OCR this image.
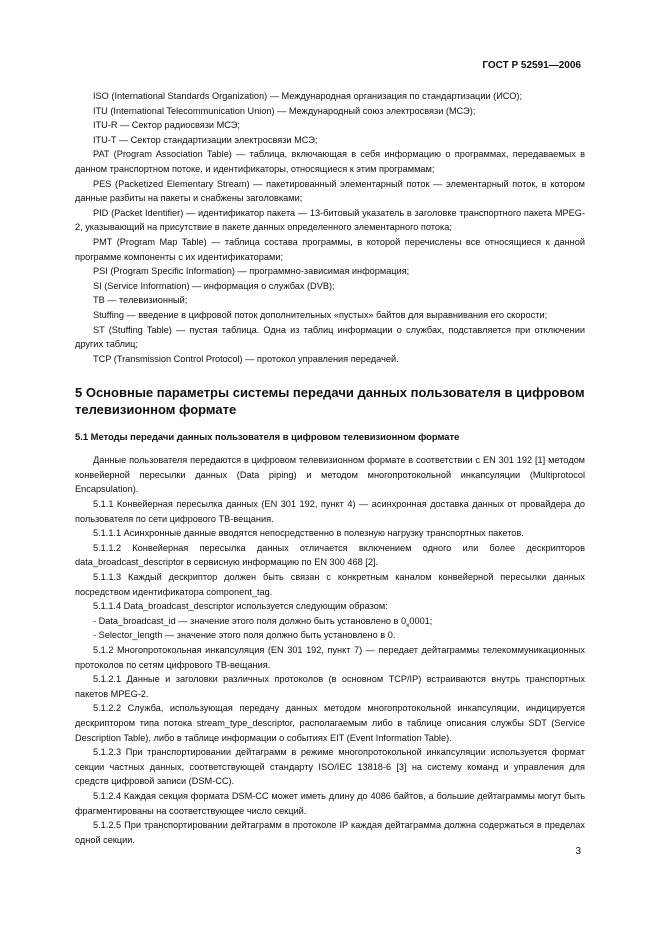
ГОСТ Р 52591—2006

ISO (International Standards Organization) — Международная организация по стандартизации (ИСО);

ITU (International Telecommunication Union) — Международный союз электросвязи (МСЭ);

ITU-R — Сектор радиосвязи МСЭ;

ITU-T — Сектор стандартизации электросвязи МСЭ;

PAT (Program Association Table) — таблица, включающая в себя информацию о программах, передаваемых в данном транспортном потоке, и идентификаторы, относящиеся к этим программам;

PES (Packetized Elementary Stream) — пакетированный элементарный поток — элементарный поток, в котором данные разбиты на пакеты и снабжены заголовками;

PID (Packet Identifier) — идентификатор пакета — 13-битовый указатель в заголовке транспортного пакета MPEG-2, указывающий на присутствие в пакете данных определенного элементарного потока;

PMT (Program Map Table) — таблица состава программы, в которой перечислены все относящиеся к данной программе компоненты с их идентификаторами;

PSI (Program Specific Information) — программно-зависимая информация;

SI (Service Information) — информация о службах (DVB);

TB — телевизионный;

Stuffing — введение в цифровой поток дополнительных «пустых» байтов для выравнивания его скорости;

ST (Stuffing Table) — пустая таблица. Одна из таблиц информации о службах, подставляется при отключении других таблиц;

TCP (Transmission Control Protocol) — протокол управления передачей.

5 Основные параметры системы передачи данных пользователя в цифровом телевизионном формате
5.1 Методы передачи данных пользователя в цифровом телевизионном формате

Данные пользователя передаются в цифровом телевизионном формате в соответствии с EN 301 192 [1] методом конвейерной пересылки данных (Data piping) и методом многопротокольной инкапсуляции (Multiprotocol Encapsulation).

5.1.1 Конвейерная пересылка данных (EN 301 192, пункт 4) — асинхронная доставка данных от провайдера до пользователя по сети цифрового ТВ-вещания.

5.1.1.1 Асинхронные данные вводятся непосредственно в полезную нагрузку транспортных пакетов.

5.1.1.2 Конвейерная пересылка данных отличается включением одного или более дескрипторов data_broadcast_descriptor в сервисную информацию по EN 300 468 [2].

5.1.1.3 Каждый дескриптор должен быть связан с конкретным каналом конвейерной пересылки данных посредством идентификатора component_tag.

5.1.1.4 Data_broadcast_descriptor используется следующим образом:

- Data_broadcast_id — значение этого поля должно быть установлено в $0_x0001$;

- Selector_length — значение этого поля должно быть установлено в 0.

5.1.2 Многопротокольная инкапсуляция (EN 301 192, пункт 7) — передает дейтаграммы телекоммуникационных протоколов по сетям цифрового ТВ-вещания.

5.1.2.1 Данные и заголовки различных протоколов (в основном TCP/IP) встраиваются внутрь транспортных пакетов MPEG-2.

5.1.2.2 Служба, использующая передачу данных методом многопротокольной инкапсуляции, индицируется дескриптором типа потока stream_type_descriptor, располагаемым либо в таблице описания службы SDT (Service Description Table), либо в таблице информации о событиях EIT (Event Information Table).

5.1.2.3 При транспортировании дейтаграмм в режиме многопротокольной инкапсуляции используется формат секции частных данных, соответствующей стандарту ISO/IEC 13818-6 [3] на систему команд и управления для средств цифровой записи (DSM-CC).

5.1.2.4 Каждая секция формата DSM-CC может иметь длину до 4086 байтов, а большие дейтаграммы могут быть фрагментированы на соответствующее число секций.

5.1.2.5 При транспортировании дейтаграмм в протоколе IP каждая дейтаграмма должна содержаться в пределах одной секции.

3
